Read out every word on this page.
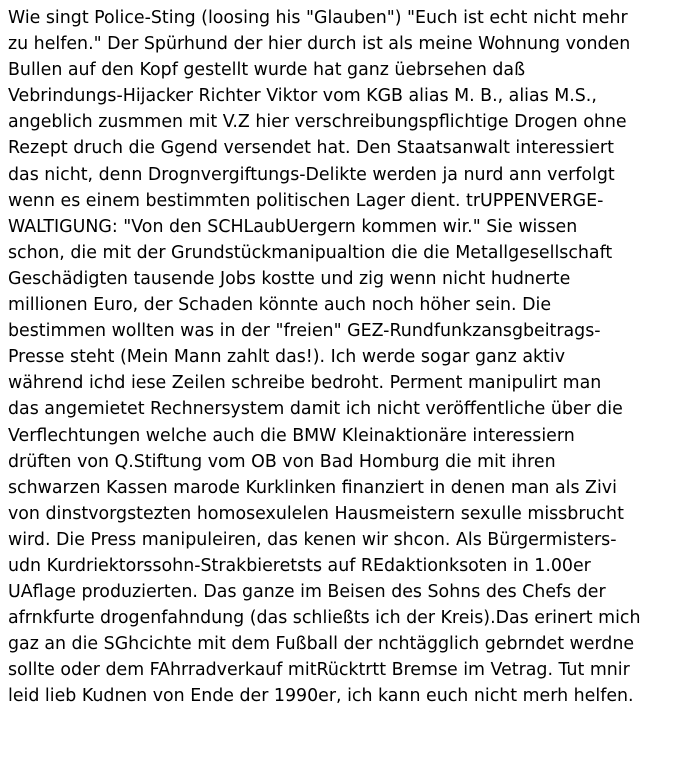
Wie singt Police-Sting (loosing his "Glauben") "Euch ist echt nicht mehr
zu helfen." Der Spürhund der hier durch ist als meine Wohnung vonden
Bullen auf den Kopf gestellt wurde hat ganz üebrsehen daß
Vebrindungs-Hijacker Richter Viktor vom KGB alias M. B., alias M.S.,
angeblich zusmmen mit V.Z hier verschreibungspflichtige Drogen ohne
Rezept druch die Ggend versendet hat. Den Staatsanwalt interessiert
das nicht, denn Drognvergiftungs-Delikte werden ja nurd ann verfolgt
wenn es einem bestimmten politischen Lager dient. trUPPENVERGE-
WALTIGUNG: "Von den SCHLaubUergern kommen wir." Sie wissen
schon, die mit der Grundstückmanipualtion die die Metallgesellschaft
Geschädigten tausende Jobs kostte und zig wenn nicht hudnerte
millionen Euro, der Schaden könnte auch noch höher sein. Die
bestimmen wollten was in der "freien" GEZ-Rundfunkzansgbeitrags-
Presse steht (Mein Mann zahlt das!). Ich werde sogar ganz aktiv
während ichd iese Zeilen schreibe bedroht. Perment manipulirt man
das angemietet Rechnersystem damit ich nicht veröffentliche über die
Verflechtungen welche auch die BMW Kleinaktionäre interessiern
drüften von Q.Stiftung vom OB von Bad Homburg die mit ihren
schwarzen Kassen marode Kurklinken finanziert in denen man als Zivi
von dinstvorgstezten homosexulelen Hausmeistern sexulle missbrucht
wird. Die Press manipuleiren, das kenen wir shcon. Als Bürgermisters-
udn Kurdriektorssohn-Strakbieretsts auf REdaktionksoten in 1.00er
UAflage produzierten. Das ganze im Beisen des Sohns des Chefs der
afrnkfurte drogenfahndung (das schließts ich der Kreis).Das erinert mich
gaz an die SGhcichte mit dem Fußball der nchtägglich gebrndet werdne
sollte oder dem FAhrradverkauf mitRücktrtt Bremse im Vetrag. Tut mnir
leid lieb Kudnen von Ende der 1990er, ich kann euch nicht merh helfen.
